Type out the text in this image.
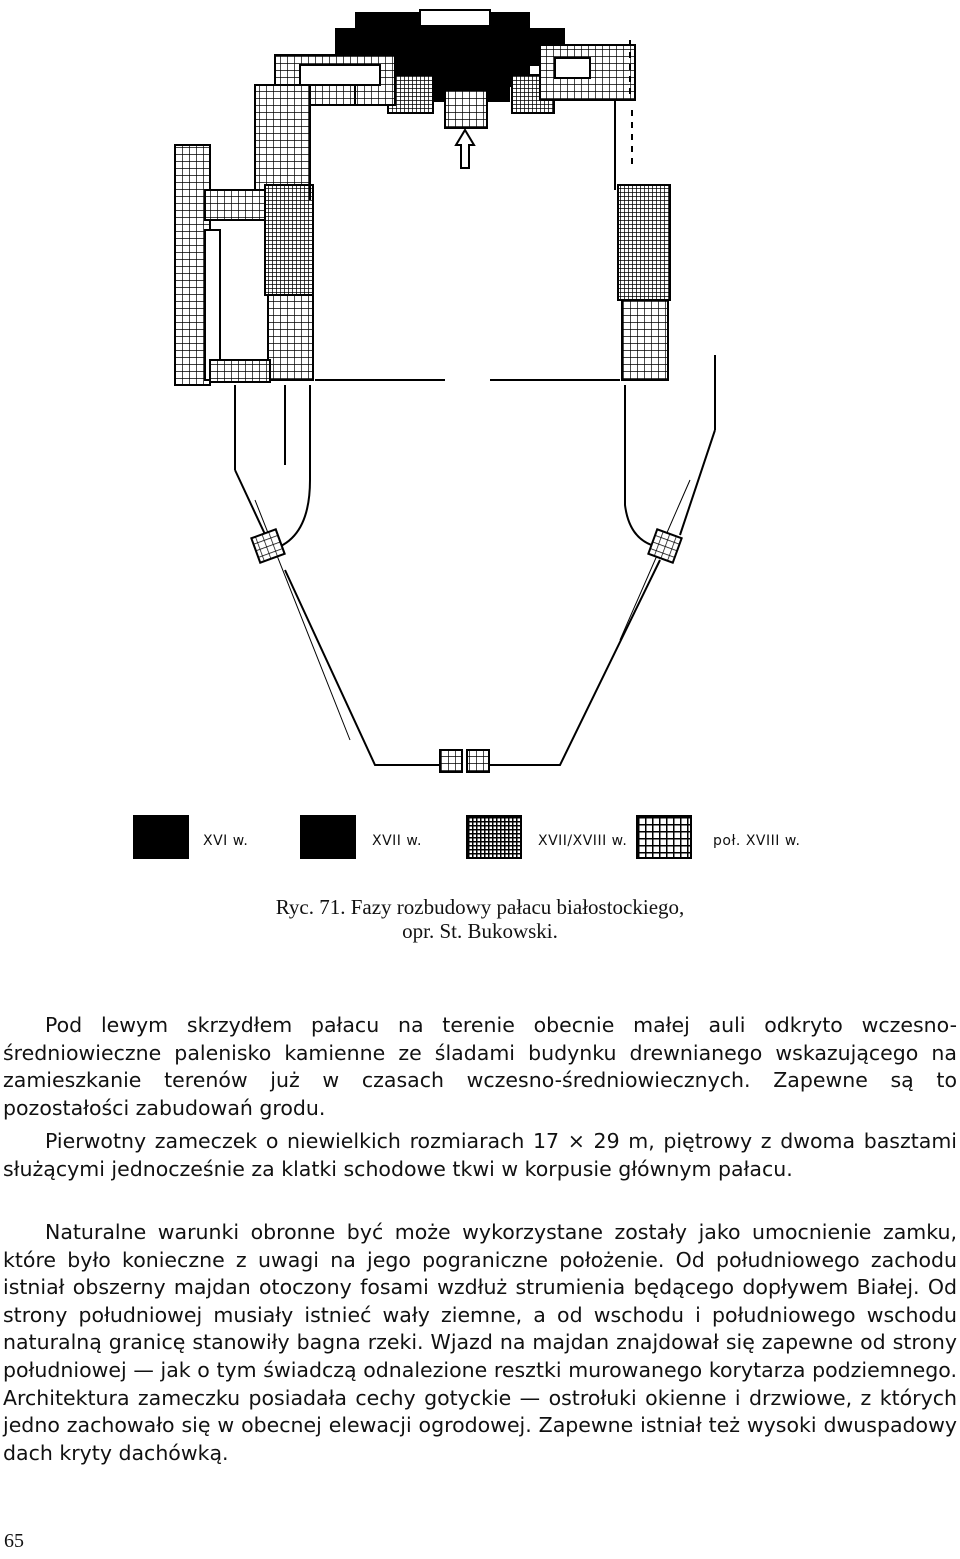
XVI w.	XVII w.	XVII/XVIII w.	poł. XVIII w.
Ryc. 71. Fazy rozbudowy pałacu białostockiego,
opr. St. Bukowski.

Pod lewym skrzydłem pałacu na terenie obecnie małej auli odkryto wczesno-średniowieczne palenisko kamienne ze śladami budynku drewnianego wskazującego na zamieszkanie terenów już w czasach wczesno-średniowiecznych. Zapewne są to pozostałości zabudowań grodu.

Pierwotny zameczek o niewielkich rozmiarach 17 × 29 m, piętrowy z dwoma basztami służącymi jednocześnie za klatki schodowe tkwi w korpusie głównym pałacu.

Naturalne warunki obronne być może wykorzystane zostały jako umocnienie zamku, które było konieczne z uwagi na jego pograniczne położenie. Od południowego zachodu istniał obszerny majdan otoczony fosami wzdłuż strumienia będącego dopływem Białej. Od strony południowej musiały istnieć wały ziemne, a od wschodu i południowego wschodu naturalną granicę stanowiły bagna rzeki. Wjazd na majdan znajdował się zapewne od strony południowej — jak o tym świadczą odnalezione resztki murowanego korytarza podziemnego. Architektura zameczku posiadała cechy gotyckie — ostrołuki okienne i drzwiowe, z których jedno zachowało się w obecnej elewacji ogrodowej. Zapewne istniał też wysoki dwuspadowy dach kryty dachówką.

65
